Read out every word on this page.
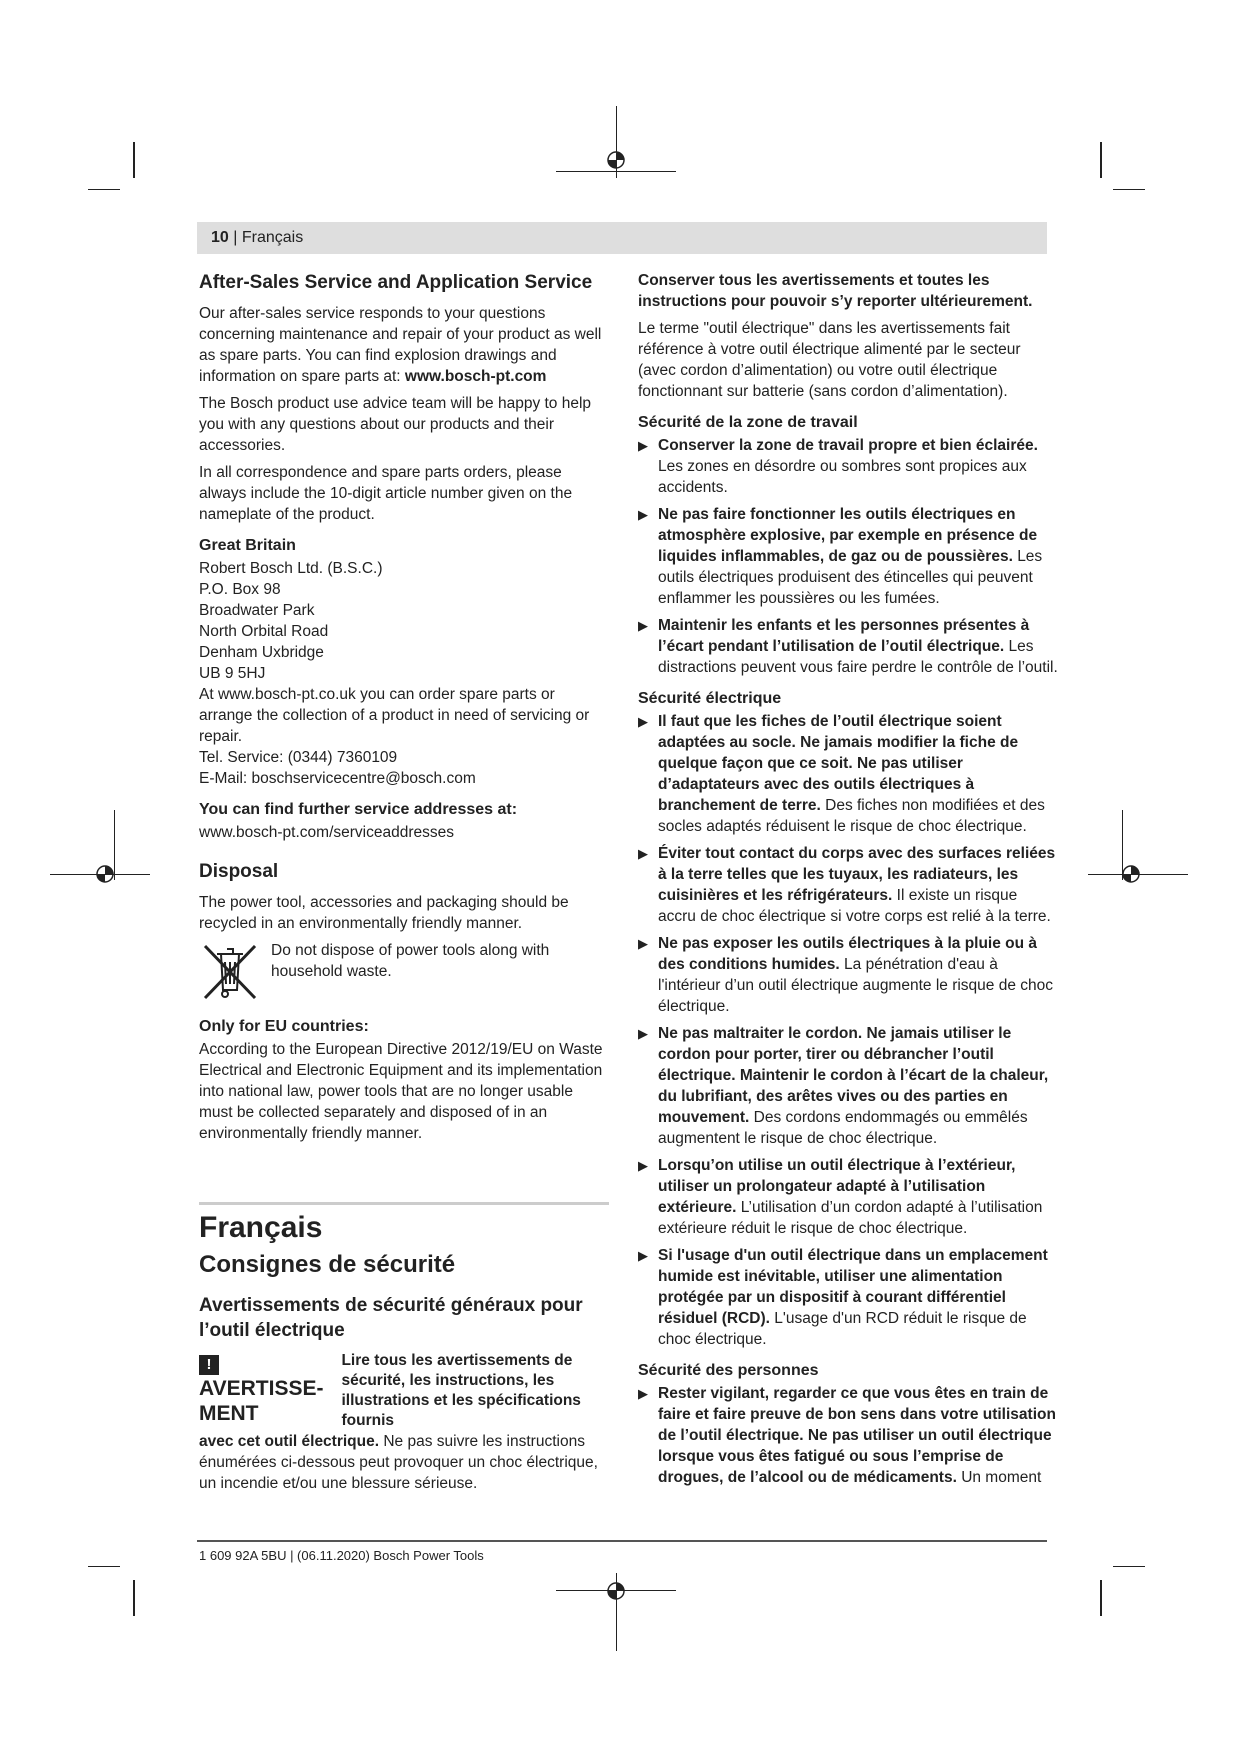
10 | Français
After-Sales Service and Application Service

Our after-sales service responds to your questions concerning maintenance and repair of your product as well as spare parts. You can find explosion drawings and information on spare parts at: www.bosch-pt.com

The Bosch product use advice team will be happy to help you with any questions about our products and their accessories.

In all correspondence and spare parts orders, please always include the 10-digit article number given on the nameplate of the product.

Great Britain
Robert Bosch Ltd. (B.S.C.)
P.O. Box 98
Broadwater Park
North Orbital Road
Denham Uxbridge
UB 9 5HJ
At www.bosch-pt.co.uk you can order spare parts or arrange the collection of a product in need of servicing or repair.
Tel. Service: (0344) 7360109
E-Mail: boschservicecentre@bosch.com
You can find further service addresses at:

www.bosch-pt.com/serviceaddresses

Disposal

The power tool, accessories and packaging should be recycled in an environmentally friendly manner.

Do not dispose of power tools along with household waste.
Only for EU countries:

According to the European Directive 2012/19/EU on Waste Electrical and Electronic Equipment and its implementation into national law, power tools that are no longer usable must be collected separately and disposed of in an environmentally friendly manner.

Français
Consignes de sécurité
Avertissements de sécurité généraux pour l’outil électrique
!AVERTISSE- MENT
Lire tous les avertissements de sécurité, les instructions, les illustrations et les spécifications fournis

avec cet outil électrique. Ne pas suivre les instructions énumérées ci-dessous peut provoquer un choc électrique, un incendie et/ou une blessure sérieuse.

Conserver tous les avertissements et toutes les instructions pour pouvoir s’y reporter ultérieurement.

Le terme "outil électrique" dans les avertissements fait référence à votre outil électrique alimenté par le secteur (avec cordon d’alimentation) ou votre outil électrique fonctionnant sur batterie (sans cordon d’alimentation).

Sécurité de la zone de travail
▶ Conserver la zone de travail propre et bien éclairée. Les zones en désordre ou sombres sont propices aux accidents.
▶ Ne pas faire fonctionner les outils électriques en atmosphère explosive, par exemple en présence de liquides inflammables, de gaz ou de poussières. Les outils électriques produisent des étincelles qui peuvent enflammer les poussières ou les fumées.
▶ Maintenir les enfants et les personnes présentes à l’écart pendant l’utilisation de l’outil électrique. Les distractions peuvent vous faire perdre le contrôle de l’outil.
Sécurité électrique
▶ Il faut que les fiches de l’outil électrique soient adaptées au socle. Ne jamais modifier la fiche de quelque façon que ce soit. Ne pas utiliser d’adaptateurs avec des outils électriques à branchement de terre. Des fiches non modifiées et des socles adaptés réduisent le risque de choc électrique.
▶ Éviter tout contact du corps avec des surfaces reliées à la terre telles que les tuyaux, les radiateurs, les cuisinières et les réfrigérateurs. Il existe un risque accru de choc électrique si votre corps est relié à la terre.
▶ Ne pas exposer les outils électriques à la pluie ou à des conditions humides. La pénétration d'eau à l'intérieur d’un outil électrique augmente le risque de choc électrique.
▶ Ne pas maltraiter le cordon. Ne jamais utiliser le cordon pour porter, tirer ou débrancher l’outil électrique. Maintenir le cordon à l’écart de la chaleur, du lubrifiant, des arêtes vives ou des parties en mouvement. Des cordons endommagés ou emmêlés augmentent le risque de choc électrique.
▶ Lorsqu’on utilise un outil électrique à l’extérieur, utiliser un prolongateur adapté à l’utilisation extérieure. L’utilisation d’un cordon adapté à l’utilisation extérieure réduit le risque de choc électrique.
▶ Si l'usage d'un outil électrique dans un emplacement humide est inévitable, utiliser une alimentation protégée par un dispositif à courant différentiel résiduel (RCD). L'usage d'un RCD réduit le risque de choc électrique.
Sécurité des personnes
▶ Rester vigilant, regarder ce que vous êtes en train de faire et faire preuve de bon sens dans votre utilisation de l’outil électrique. Ne pas utiliser un outil électrique lorsque vous êtes fatigué ou sous l’emprise de drogues, de l’alcool ou de médicaments. Un moment
1 609 92A 5BU | (06.11.2020) Bosch Power Tools
